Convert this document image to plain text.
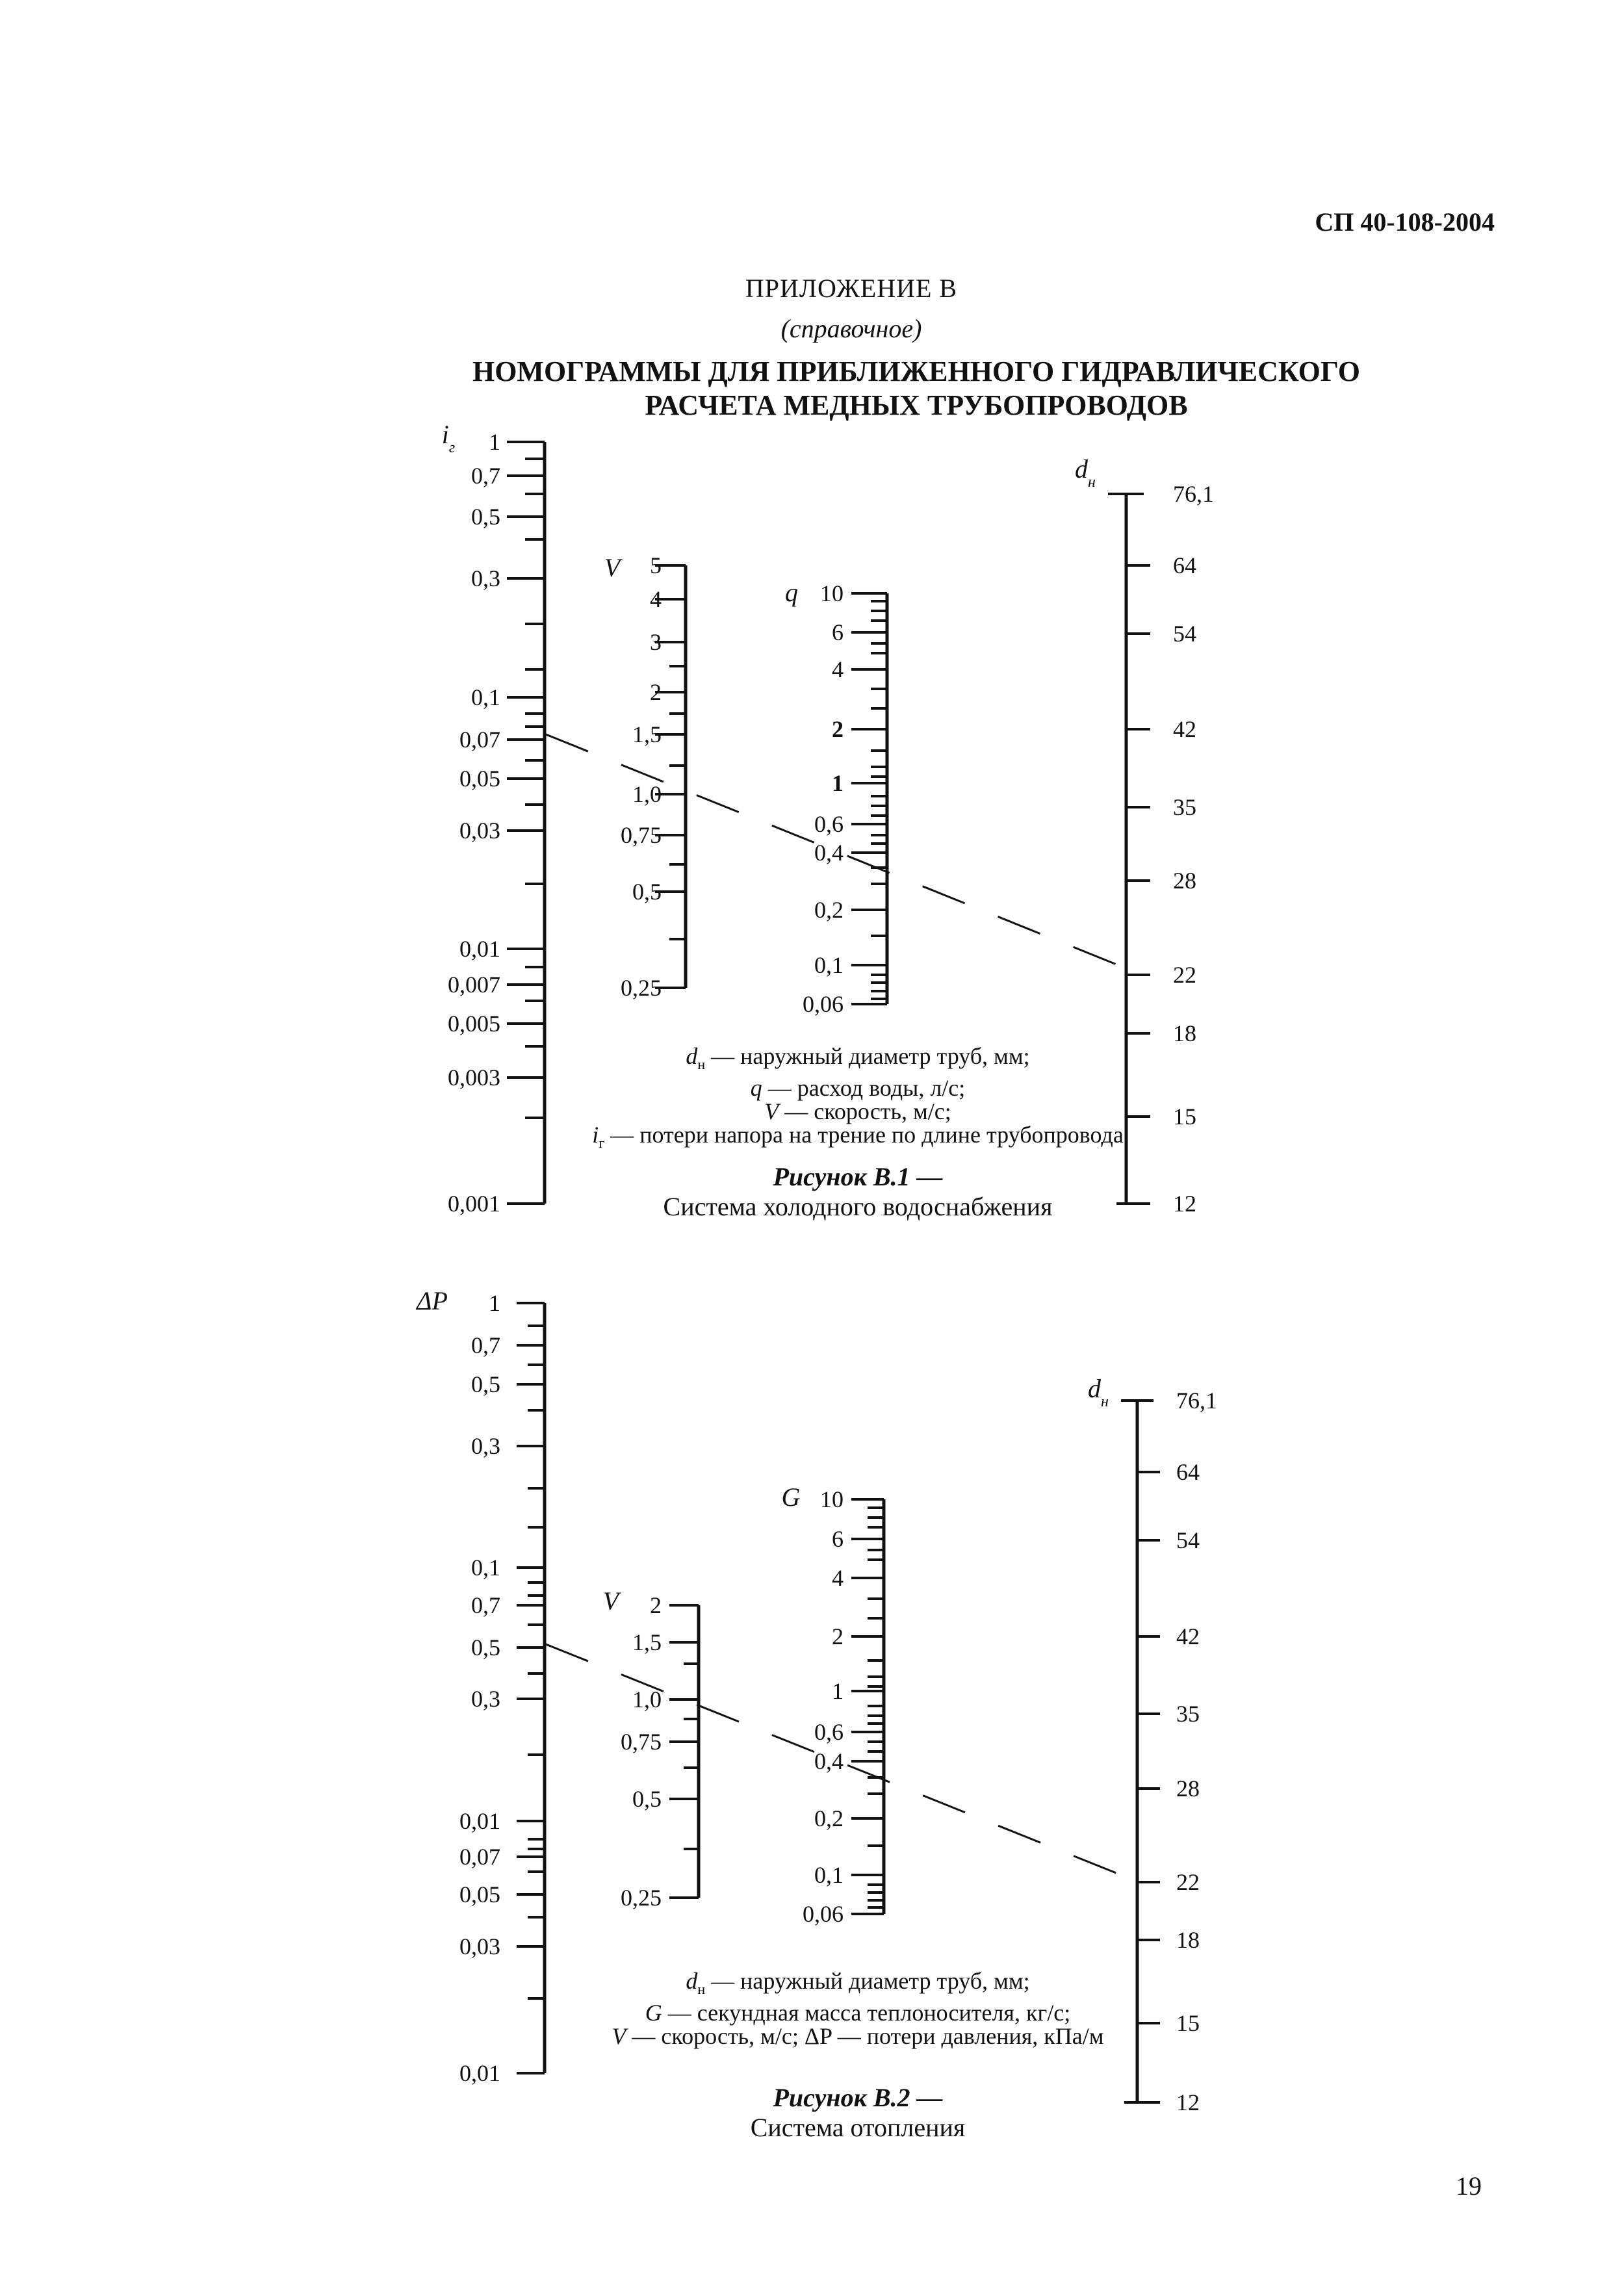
СП 40-108-2004
ПРИЛОЖЕНИЕ В
(справочное)
НОМОГРАММЫ ДЛЯ ПРИБЛИЖЕННОГО ГИДРАВЛИЧЕСКОГО
РАСЧЕТА МЕДНЫХ ТРУБОПРОВОДОВ
$i_г$ 1
0,7
0,5
0,3
0,1
0,07
0,05
0,03
0,01
0,007
0,005
0,003
0,001
V 5
4
3
2
1,5
1,0
0,75
0,5
0,25
q 10
6
4
2
1
0,6
0,4
0,2
0,1
0,06
$d_н$	76,1
64
54
42
35
28
22
18
15
12
ΔP 1
0,7
0,5
0,3
0,1
0,7
0,5
0,3
0,01
0,07
0,05
0,03
0,01
V 2
1,5
1,0
0,75
0,5
0,25
G 10
6
4
2
1
0,6
0,4
0,2
0,1
0,06
$d_н$	76,1
64
54
42
35
28
22
18
15
12
$d_н$ — наружный диаметр труб, мм;
q — расход воды, л/с;
V — скорость, м/с;
$i_г$ — потери напора на трение по длине трубопровода
Рисунок В.1 —
Система холодного водоснабжения
$d_н$ — наружный диаметр труб, мм;
G — секундная масса теплоносителя, кг/с;
V — скорость, м/с; ΔP — потери давления, кПа/м
Рисунок В.2 —
Система отопления
19
